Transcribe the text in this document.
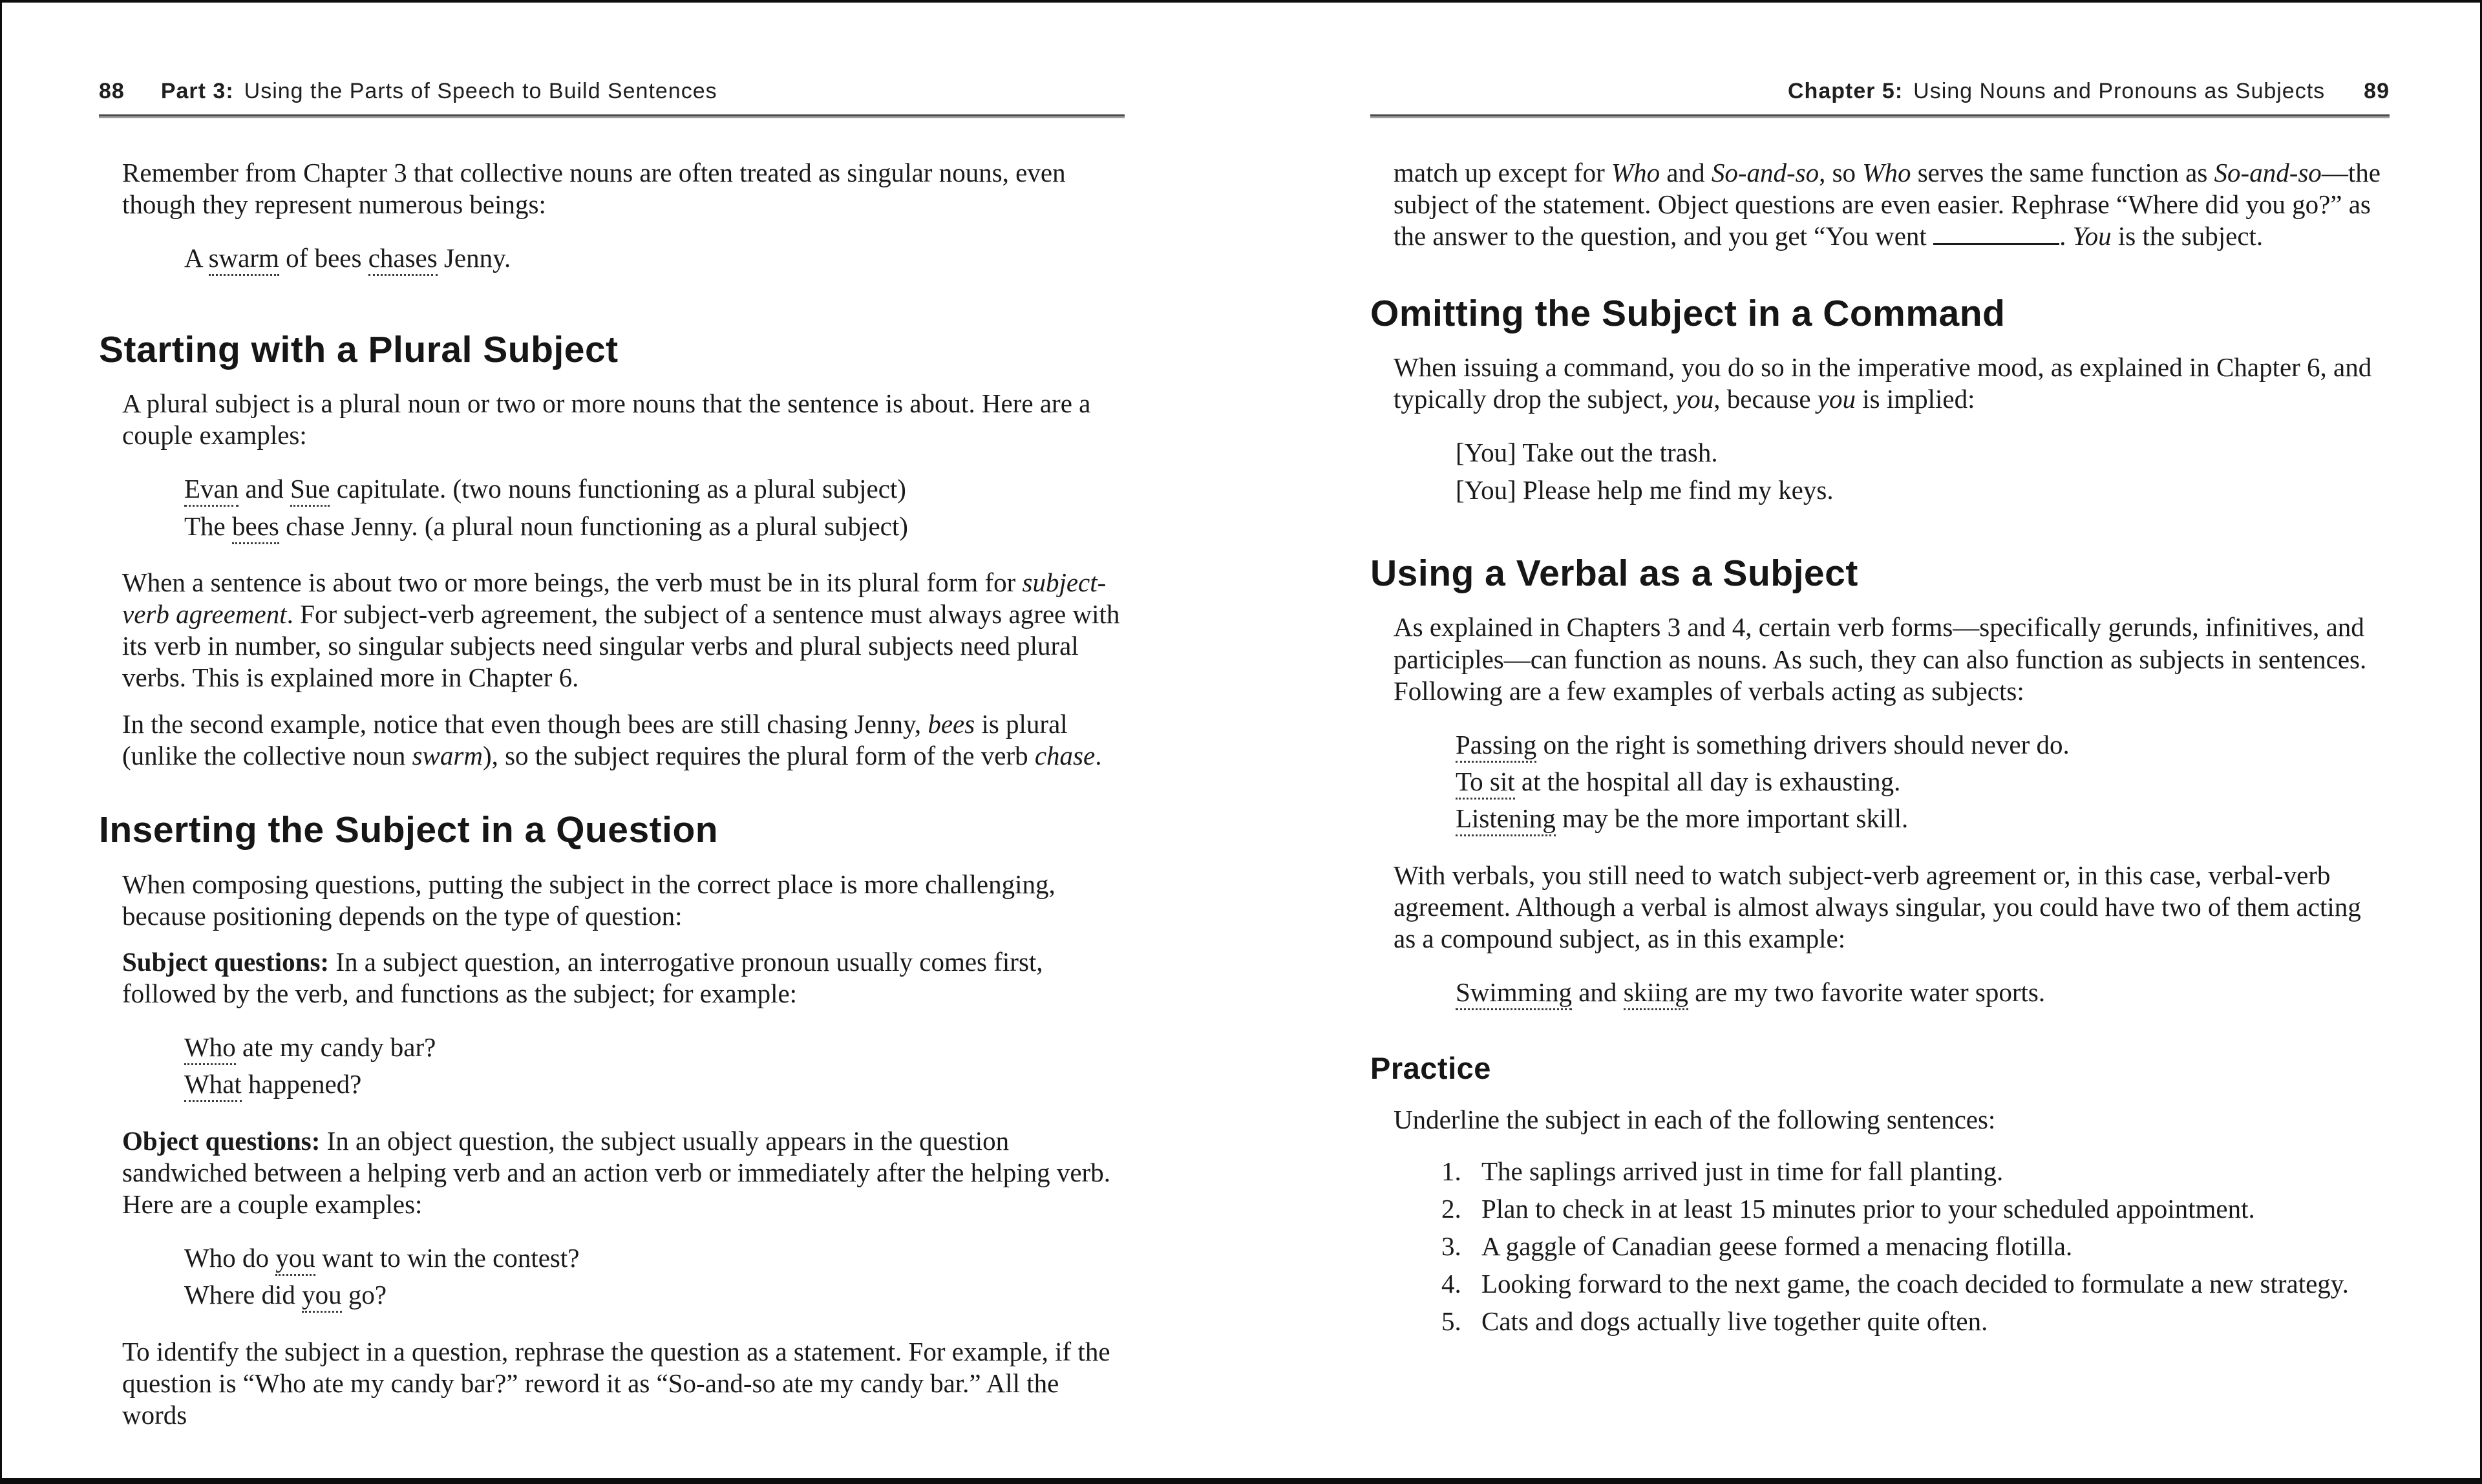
88 Part 3: Using the Parts of Speech to Build Sentences

Remember from Chapter 3 that collective nouns are often treated as singular nouns, even though they represent numerous beings:

A swarm of bees chases Jenny.

Starting with a Plural Subject

A plural subject is a plural noun or two or more nouns that the sentence is about. Here are a couple examples:

Evan and Sue capitulate. (two nouns functioning as a plural subject)

The bees chase Jenny. (a plural noun functioning as a plural subject)

When a sentence is about two or more beings, the verb must be in its plural form for subject-verb agreement. For subject-verb agreement, the subject of a sentence must always agree with its verb in number, so singular subjects need singular verbs and plural subjects need plural verbs. This is explained more in Chapter 6.

In the second example, notice that even though bees are still chasing Jenny, bees is plural (unlike the collective noun swarm), so the subject requires the plural form of the verb chase.

Inserting the Subject in a Question

When composing questions, putting the subject in the correct place is more challenging, because positioning depends on the type of question:

Subject questions: In a subject question, an interrogative pronoun usually comes first, followed by the verb, and functions as the subject; for example:

Who ate my candy bar?

What happened?

Object questions: In an object question, the subject usually appears in the question sandwiched between a helping verb and an action verb or immediately after the helping verb. Here are a couple examples:

Who do you want to win the contest?

Where did you go?

To identify the subject in a question, rephrase the question as a statement. For example, if the question is “Who ate my candy bar?” reword it as “So-and-so ate my candy bar.” All the words

Chapter 5: Using Nouns and Pronouns as Subjects 89

match up except for Who and So-and-so, so Who serves the same function as So-and-so—the subject of the statement. Object questions are even easier. Rephrase “Where did you go?” as the answer to the question, and you get “You went	. You is the subject.

Omitting the Subject in a Command

When issuing a command, you do so in the imperative mood, as explained in Chapter 6, and typically drop the subject, you, because you is implied:

[You] Take out the trash.

[You] Please help me find my keys.

Using a Verbal as a Subject

As explained in Chapters 3 and 4, certain verb forms—specifically gerunds, infinitives, and participles—can function as nouns. As such, they can also function as subjects in sentences. Following are a few examples of verbals acting as subjects:

Passing on the right is something drivers should never do.

To sit at the hospital all day is exhausting.

Listening may be the more important skill.

With verbals, you still need to watch subject-verb agreement or, in this case, verbal-verb agreement. Although a verbal is almost always singular, you could have two of them acting as a compound subject, as in this example:

Swimming and skiing are my two favorite water sports.

Practice

Underline the subject in each of the following sentences:

1. The saplings arrived just in time for fall planting.
2. Plan to check in at least 15 minutes prior to your scheduled appointment.
3. A gaggle of Canadian geese formed a menacing flotilla.
4. Looking forward to the next game, the coach decided to formulate a new strategy.
5. Cats and dogs actually live together quite often.
